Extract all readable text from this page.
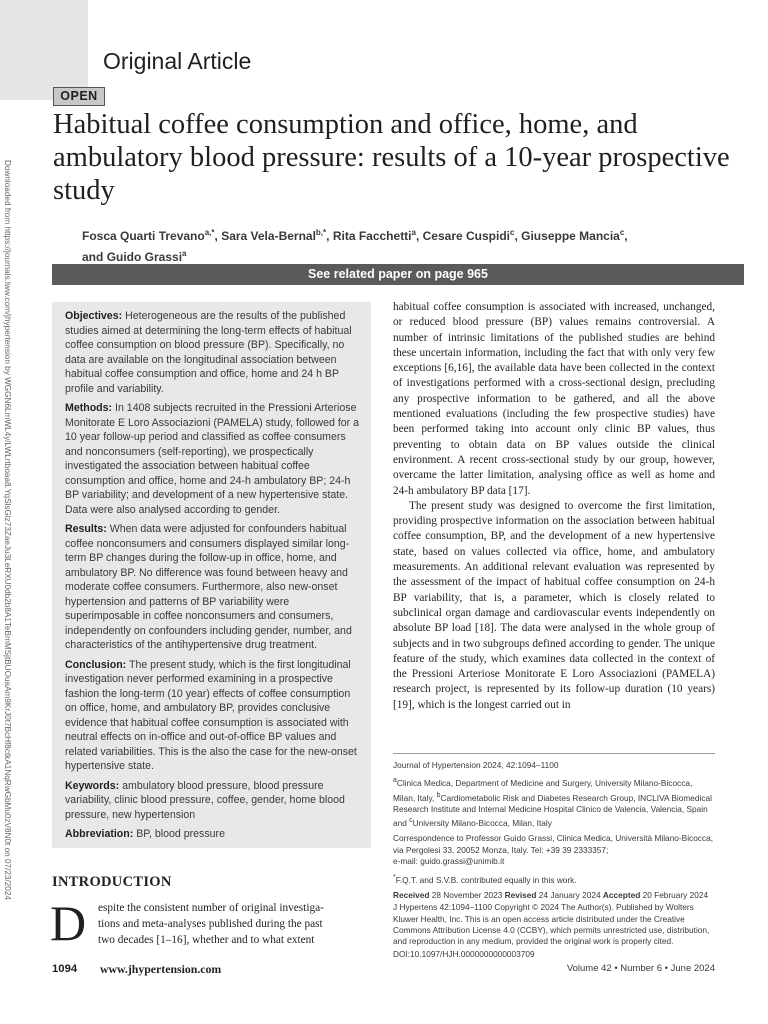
Original Article
OPEN
Habitual coffee consumption and office, home, and ambulatory blood pressure: results of a 10-year prospective study
Downloaded from https://journals.lww.com/jhypertension by WGGN6LmWL4y/LWLrtboaa8.YqSlsGlz73ZaeJu3LeRXU0db2b8A1TeBmMSjtBUOuaAm9KrJ0t7BcHf8ctkA1NqRwGbMu0zV8N0t on 07/23/2024	Fosca Quarti Trevano$^{a,*}$, Sara Vela-Bernal$^{b,*}$, Rita Facchetti$^a$, Cesare Cuspidi$^c$, Giuseppe Mancia$^c$,
and Guido Grassi$^a$
See related paper on page 965

Objectives: Heterogeneous are the results of the published studies aimed at determining the long-term effects of habitual coffee consumption on blood pressure (BP). Specifically, no data are available on the longitudinal association between habitual coffee consumption and office, home and 24 h BP profile and variability.

Methods: In 1408 subjects recruited in the Pressioni Arteriose Monitorate E Loro Associazioni (PAMELA) study, followed for a 10 year follow-up period and classified as coffee consumers and nonconsumers (self-reporting), we prospectically investigated the association between habitual coffee consumption and office, home and 24-h ambulatory BP; 24-h BP variability; and development of a new hypertensive state. Data were also analysed according to gender.

Results: When data were adjusted for confounders habitual coffee nonconsumers and consumers displayed similar long-term BP changes during the follow-up in office, home, and ambulatory BP. No difference was found between heavy and moderate coffee consumers. Furthermore, also new-onset hypertension and patterns of BP variability were superimposable in coffee nonconsumers and consumers, independently on confounders including gender, number, and characteristics of the antihypertensive drug treatment.

Conclusion: The present study, which is the first longitudinal investigation never performed examining in a prospective fashion the long-term (10 year) effects of coffee consumption on office, home, and ambulatory BP, provides conclusive evidence that habitual coffee consumption is associated with neutral effects on in-office and out-of-office BP values and related variabilities. This is the also the case for the new-onset hypertensive state.

Keywords: ambulatory blood pressure, blood pressure variability, clinic blood pressure, coffee, gender, home blood pressure, new hypertension

Abbreviation: BP, blood pressure

INTRODUCTION
D	espite the consistent number of original investiga-
tions and meta-analyses published during the past
two decades [1–16], whether and to what extent

habitual coffee consumption is associated with increased, unchanged, or reduced blood pressure (BP) values remains controversial. A number of intrinsic limitations of the published studies are behind these uncertain information, including the fact that with only very few exceptions [6,16], the available data have been collected in the context of investigations performed with a cross-sectional design, precluding any prospective information to be gathered, and all the above mentioned evaluations (including the few prospective studies) have been performed taking into account only clinic BP values, thus preventing to obtain data on BP values outside the clinical environment. A recent cross-sectional study by our group, however, overcame the latter limitation, analysing office as well as home and 24-h ambulatory BP data [17].

The present study was designed to overcome the first limitation, providing prospective information on the association between habitual coffee consumption, BP, and the development of a new hypertensive state, based on values collected via office, home, and ambulatory measurements. An additional relevant evaluation was represented by the assessment of the impact of habitual coffee consumption on 24-h BP variability, that is, a parameter, which is closely related to subclinical organ damage and cardiovascular events independently on absolute BP load [18]. The data were analysed in the whole group of subjects and in two subgroups defined according to gender. The unique feature of the study, which examines data collected in the context of the Pressioni Arteriose Monitorate E Loro Associazioni (PAMELA) research project, is represented by its follow-up duration (10 years) [19], which is the longest carried out in

Journal of Hypertension 2024, 42:1094–1100

$^a$Clinica Medica, Department of Medicine and Surgery, University Milano-Bicocca, Milan, Italy, $^b$Cardiometabolic Risk and Diabetes Research Group, INCLIVA Biomedical Research Institute and Internal Medicine Hospital Clinico de Valencia, Valencia, Spain and $^c$University Milano-Bicocca, Milan, Italy

Correspondence to Professor Guido Grassi, Clinica Medica, Università Milano-Bicocca, via Pergolesi 33, 20052 Monza, Italy. Tel: +39 39 2333357;
e-mail: guido.grassi@unimib.it

*F.Q.T. and S.V.B. contributed equally in this work.

Received 28 November 2023 Revised 24 January 2024 Accepted 20 February 2024

J Hypertens 42:1094–1100 Copyright © 2024 The Author(s). Published by Wolters Kluwer Health, Inc. This is an open access article distributed under the Creative Commons Attribution License 4.0 (CCBY), which permits unrestricted use, distribution, and reproduction in any medium, provided the original work is properly cited.

DOI:10.1097/HJH.0000000000003709

1094 www.jhypertension.com	Volume 42 • Number 6 • June 2024
